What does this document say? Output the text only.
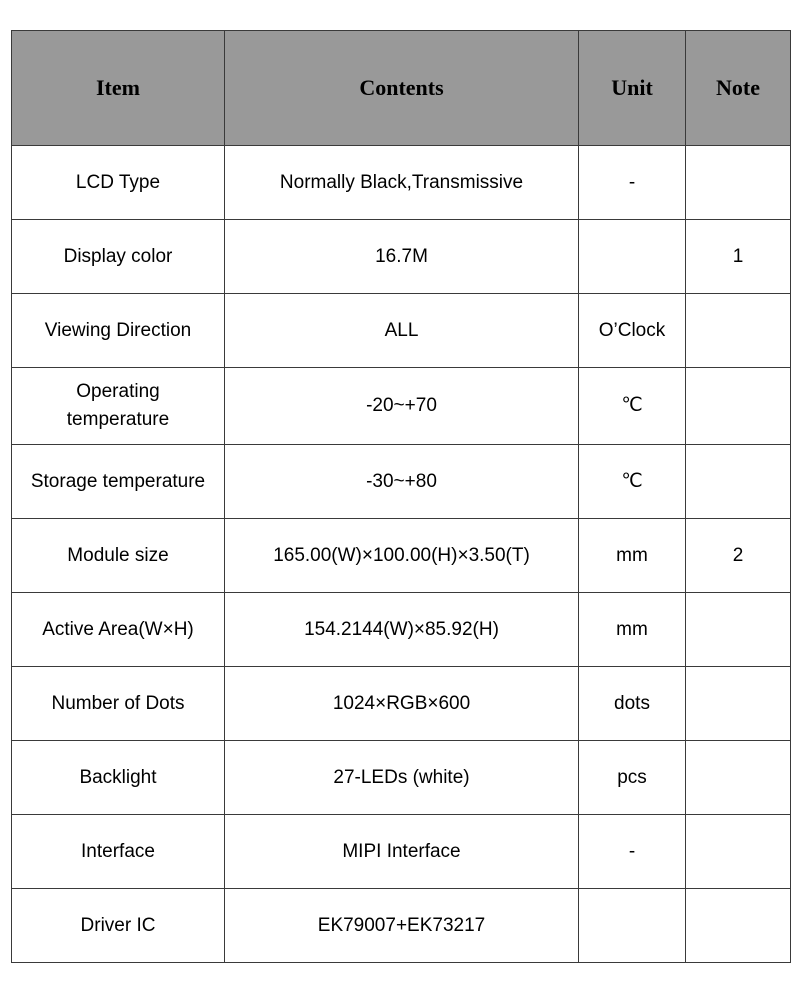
Item	Contents	Unit	Note
LCD Type	Normally Black,Transmissive	-	
Display color	16.7M		1
Viewing Direction	ALL	O’Clock	
Operating temperature	-20~+70	℃	
Storage temperature	-30~+80	℃	
Module size	165.00(W)×100.00(H)×3.50(T)	mm	2
Active Area(W×H)	154.2144(W)×85.92(H)	mm	
Number of Dots	1024×RGB×600	dots	
Backlight	27-LEDs (white)	pcs	
Interface	MIPI Interface	-	
Driver IC	EK79007+EK73217		
